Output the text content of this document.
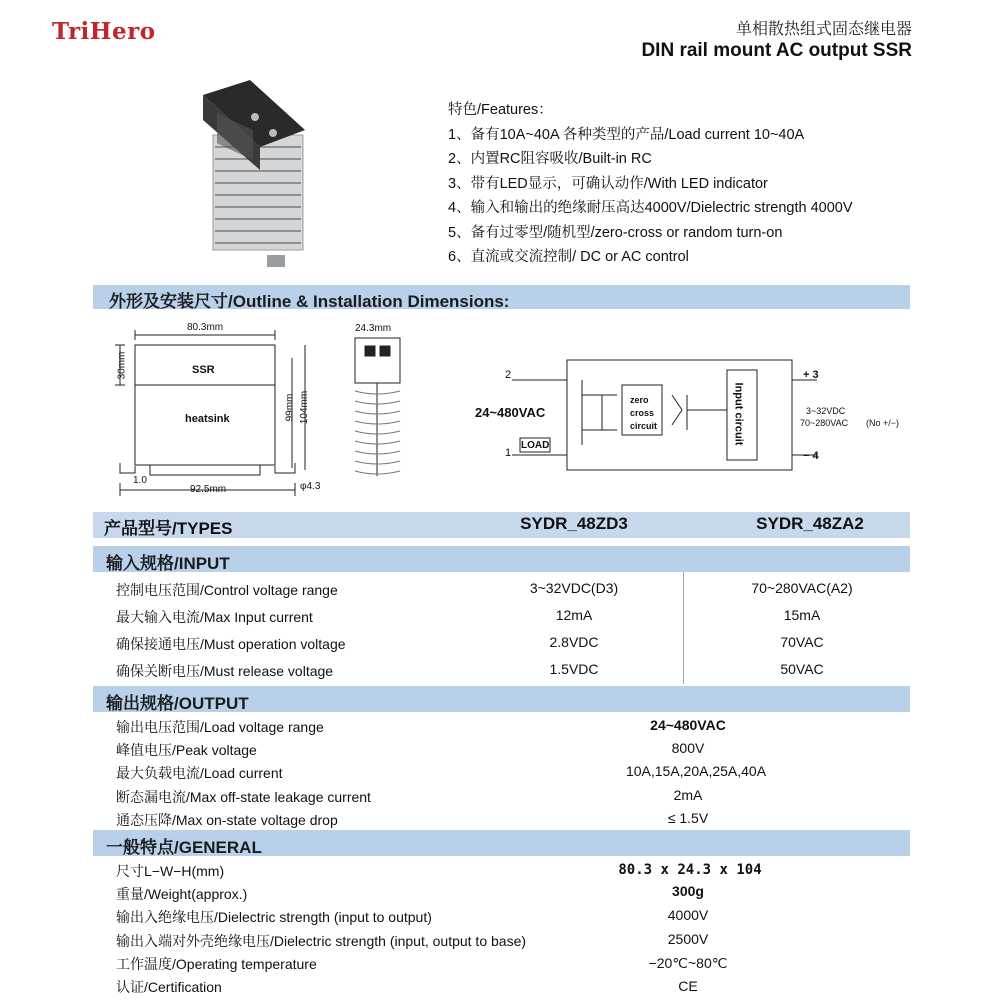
TriHero	单相散热组式固态继电器
DIN rail mount AC output SSR
特色/Features：
1、备有10A~40A 各种类型的产品/Load current 10~40A
2、内置RC阻容吸收/Built-in RC
3、带有LED显示，可确认动作/With LED indicator
4、输入和输出的绝缘耐压高达4000V/Dielectric strength 4000V
5、备有过零型/随机型/zero-cross or random turn-on
6、直流或交流控制/ DC or AC control
外形及安装尺寸/Outline & Installation Dimensions:
80.3mm
30mm	SSR
heatsink	99mm 104mm
1.0
92.5mm	φ4.3
24.3mm
2
24~480VAC
1
LOAD
zero
cross
circuit	Input circuit
+ 3
− 4
3~32VDC
70~280VAC (No +/−)
产品型号/TYPES	SYDR_48ZD3	SYDR_48ZA2
输入规格/INPUT
控制电压范围/Control voltage range	3~32VDC(D3)	70~280VAC(A2)
最大输入电流/Max Input current	12mA	15mA
确保接通电压/Must operation voltage	2.8VDC	70VAC
确保关断电压/Must release voltage	1.5VDC	50VAC
输出规格/OUTPUT
输出电压范围/Load voltage range	24~480VAC
峰值电压/Peak voltage	800V
最大负载电流/Load current	10A,15A,20A,25A,40A
断态漏电流/Max off-state leakage current	2mA
通态压降/Max on-state voltage drop	≤ 1.5V
一般特点/GENERAL
尺寸L−W−H(mm)	80.3 x 24.3 x 104
重量/Weight(approx.)	300g
输出入绝缘电压/Dielectric strength (input to output)	4000V
输出入端对外壳绝缘电压/Dielectric strength (input, output to base)	2500V
工作温度/Operating temperature	−20℃~80℃
认证/Certification	CE
